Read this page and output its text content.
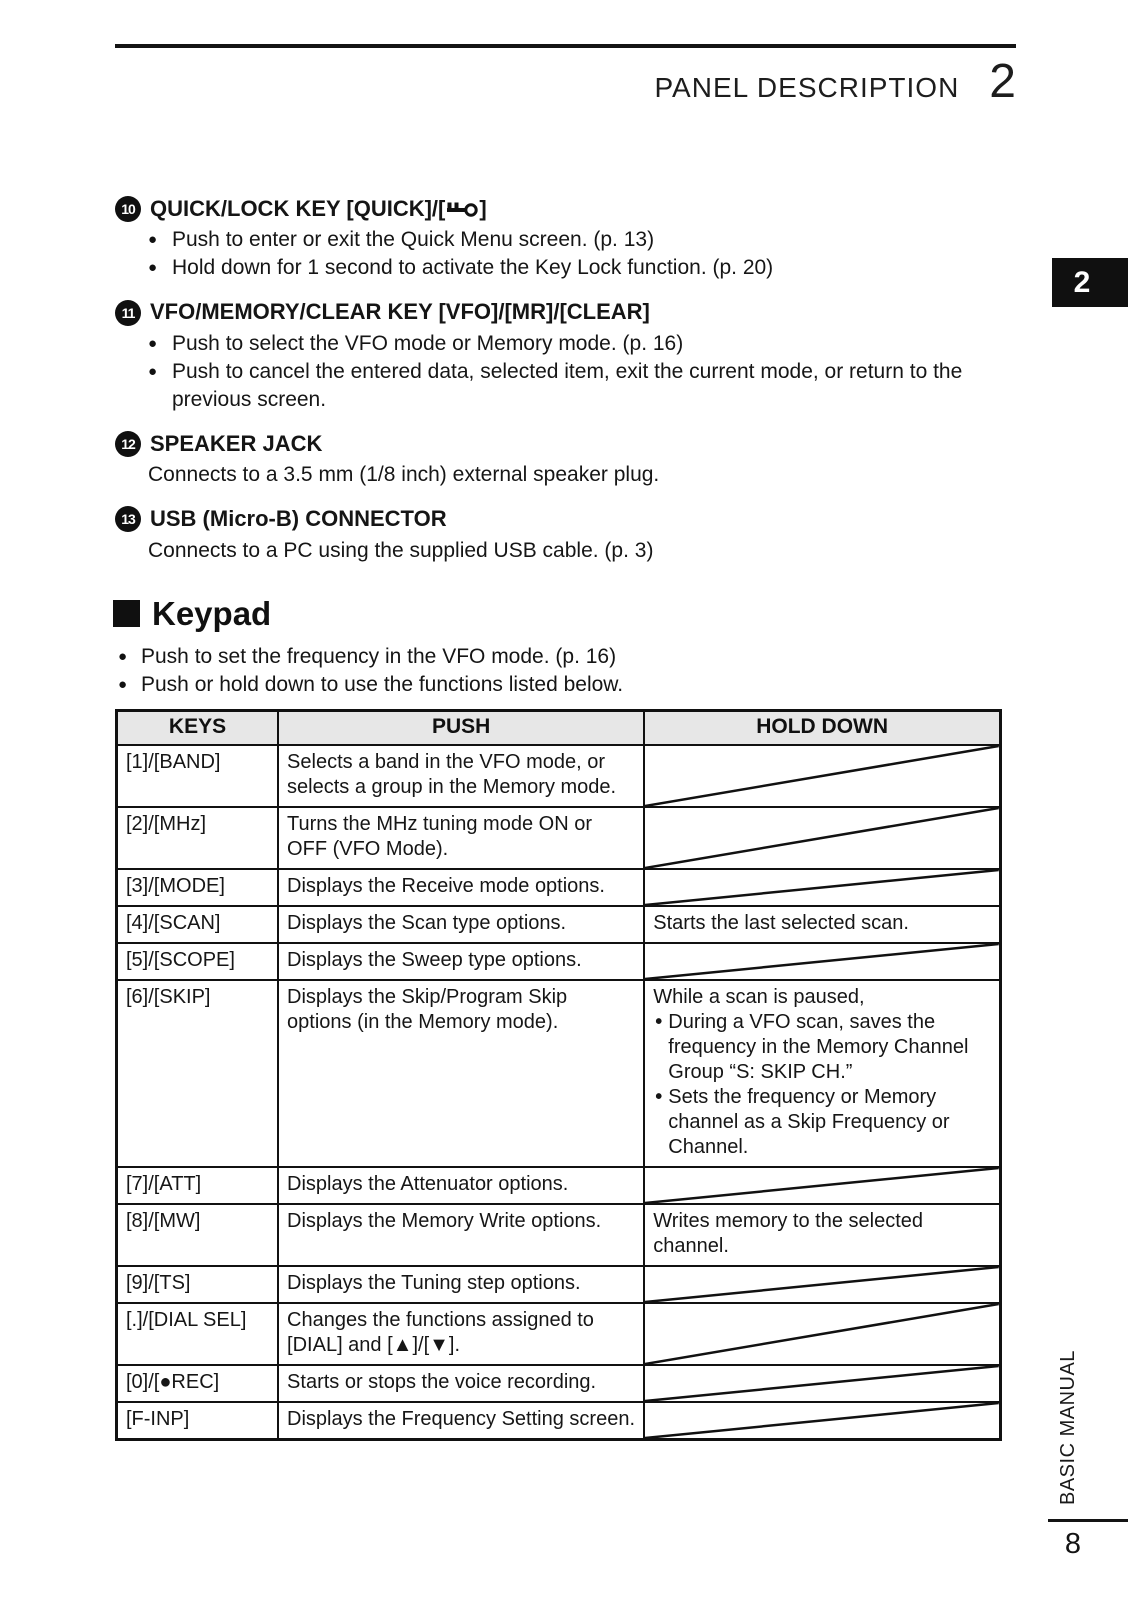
PANEL DESCRIPTION 2
2
10 QUICK/LOCK KEY [QUICK]/[ ]
● Push to enter or exit the Quick Menu screen. (p. 13)
● Hold down for 1 second to activate the Key Lock function. (p. 20)
11 VFO/MEMORY/CLEAR KEY [VFO]/[MR]/[CLEAR]
● Push to select the VFO mode or Memory mode. (p. 16)
● Push to cancel the entered data, selected item, exit the current mode, or return to the previous screen.
12 SPEAKER JACK

Connects to a 3.5 mm (1/8 inch) external speaker plug.

13 USB (Micro-B) CONNECTOR

Connects to a PC using the supplied USB cable. (p. 3)

Keypad
● Push to set the frequency in the VFO mode. (p. 16)
● Push or hold down to use the functions listed below.
KEYS	PUSH	HOLD DOWN
[1]/[BAND]	Selects a band in the VFO mode, or selects a group in the Memory mode.	

[2]/[MHz]	Turns the MHz tuning mode ON or OFF (VFO Mode).	

[3]/[MODE]	Displays the Receive mode options.	

[4]/[SCAN]	Displays the Scan type options.	Starts the last selected scan.
[5]/[SCOPE]	Displays the Sweep type options.	

[6]/[SKIP]	Displays the Skip/Program Skip options (in the Memory mode).	

While a scan is paused,

• During a VFO scan, saves the frequency in the Memory Channel Group “S: SKIP CH.”
• Sets the frequency or Memory channel as a Skip Frequency or Channel.

[7]/[ATT]	Displays the Attenuator options.	

[8]/[MW]	Displays the Memory Write options.	Writes memory to the selected channel.
[9]/[TS]	Displays the Tuning step options.	

[.]/[DIAL SEL]	Changes the functions assigned to [DIAL] and [▲]/[▼].	

[0]/[●REC]	Starts or stops the voice recording.	

[F-INP]	Displays the Frequency Setting screen.		BASIC MANUAL
8
